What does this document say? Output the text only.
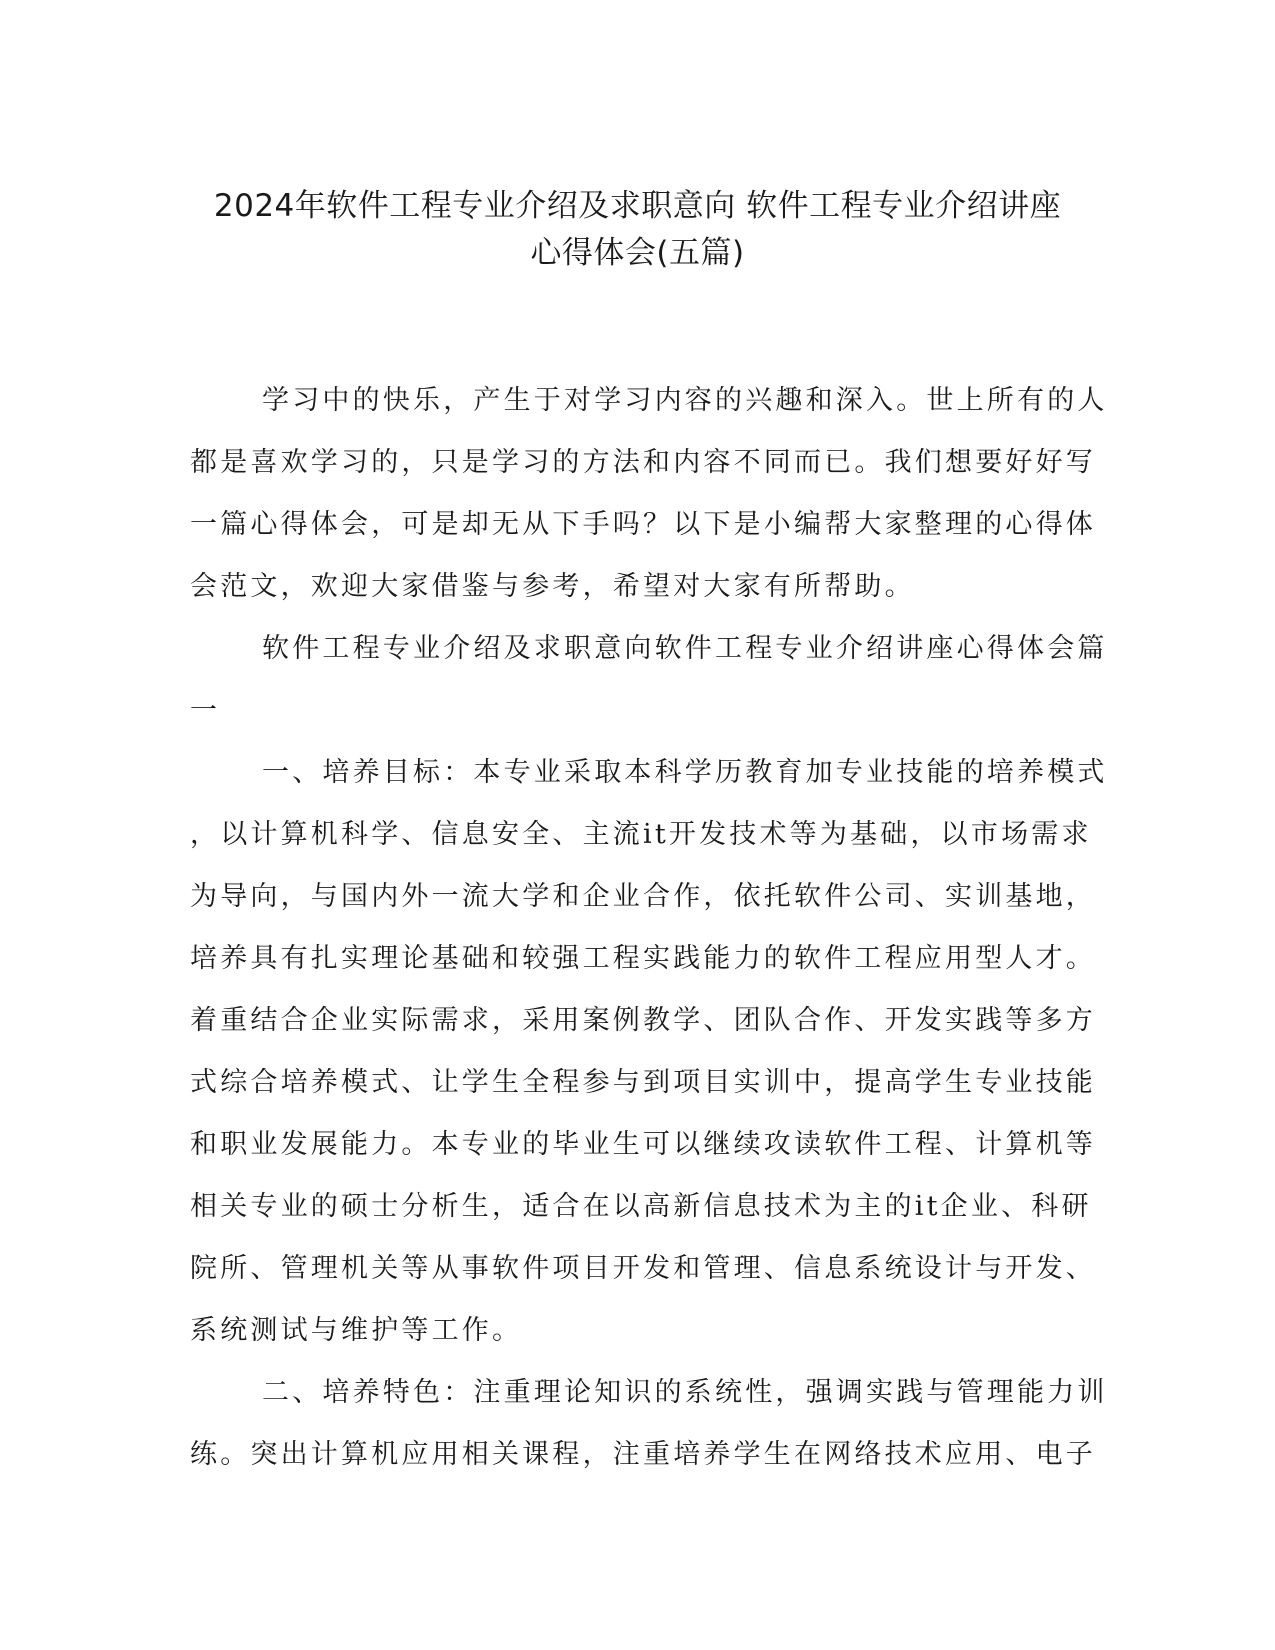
2024年软件工程专业介绍及求职意向 软件工程专业介绍讲座
心得体会(五篇)

学习中的快乐，产生于对学习内容的兴趣和深入。世上所有的人
都是喜欢学习的，只是学习的方法和内容不同而已。我们想要好好写
一篇心得体会，可是却无从下手吗？以下是小编帮大家整理的心得体
会范文，欢迎大家借鉴与参考，希望对大家有所帮助。

软件工程专业介绍及求职意向软件工程专业介绍讲座心得体会篇
一

一、培养目标：本专业采取本科学历教育加专业技能的培养模式
，以计算机科学、信息安全、主流it开发技术等为基础，以市场需求
为导向，与国内外一流大学和企业合作，依托软件公司、实训基地，
培养具有扎实理论基础和较强工程实践能力的软件工程应用型人才。
着重结合企业实际需求，采用案例教学、团队合作、开发实践等多方
式综合培养模式、让学生全程参与到项目实训中，提高学生专业技能
和职业发展能力。本专业的毕业生可以继续攻读软件工程、计算机等
相关专业的硕士分析生，适合在以高新信息技术为主的it企业、科研
院所、管理机关等从事软件项目开发和管理、信息系统设计与开发、
系统测试与维护等工作。

二、培养特色：注重理论知识的系统性，强调实践与管理能力训
练。突出计算机应用相关课程，注重培养学生在网络技术应用、电子
